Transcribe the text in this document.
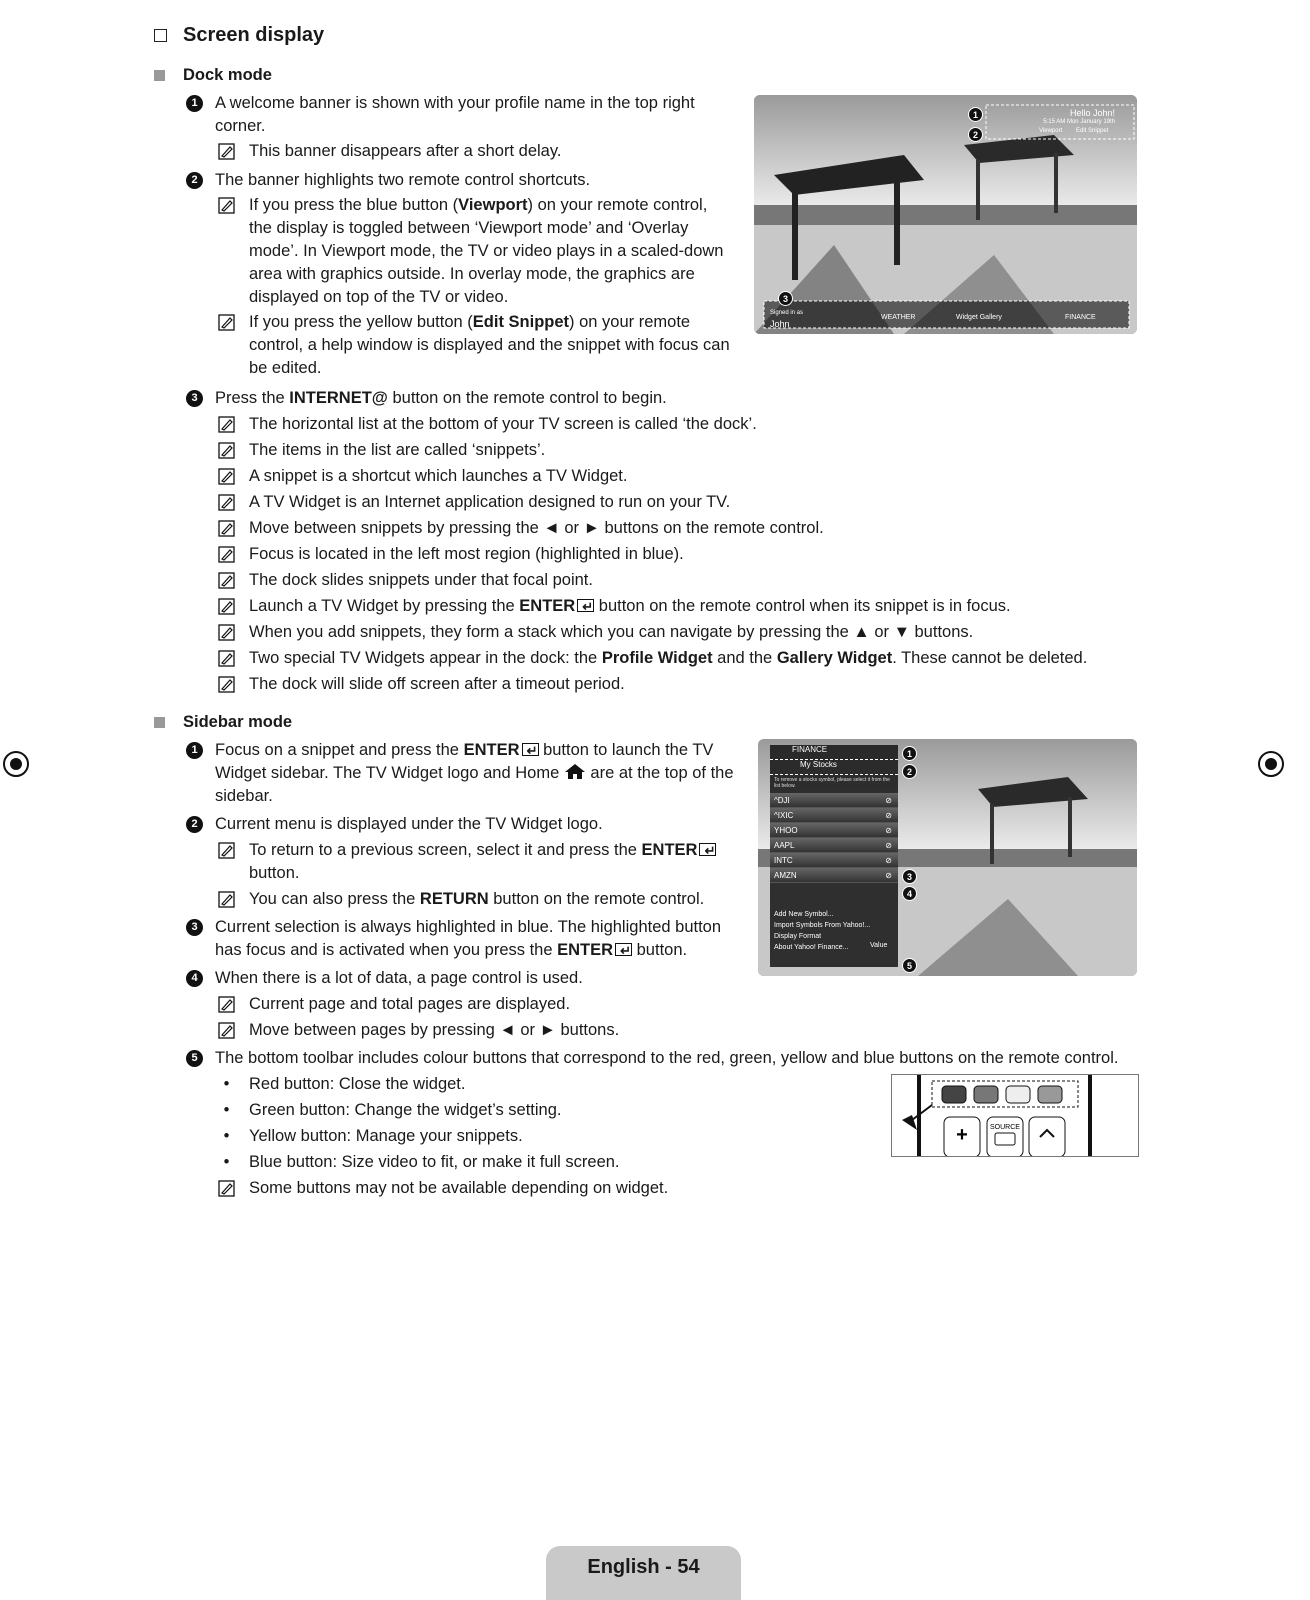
Screen display
Dock mode
1	A welcome banner is shown with your profile name in the top right corner.
This banner disappears after a short delay.
2	The banner highlights two remote control shortcuts.
If you press the blue button (Viewport) on your remote control, the display is toggled between ‘Viewport mode’ and ‘Overlay mode’. In Viewport mode, the TV or video plays in a scaled-down area with graphics outside. In overlay mode, the graphics are displayed on top of the TV or video.
If you press the yellow button (Edit Snippet) on your remote control, a help window is displayed and the snippet with focus can be edited.
3	Press the INTERNET@ button on the remote control to begin.
The horizontal list at the bottom of your TV screen is called ‘the dock’.
The items in the list are called ‘snippets’.
A snippet is a shortcut which launches a TV Widget.
A TV Widget is an Internet application designed to run on your TV.
Move between snippets by pressing the ◄ or ► buttons on the remote control.
Focus is located in the left most region (highlighted in blue).
The dock slides snippets under that focal point.
Launch a TV Widget by pressing the ENTER↵ button on the remote control when its snippet is in focus.
When you add snippets, they form a stack which you can navigate by pressing the ▲ or ▼ buttons.
Two special TV Widgets appear in the dock: the Profile Widget and the Gallery Widget. These cannot be deleted.
The dock will slide off screen after a timeout period.
Hello John!
5:15 AM Mon January 19th
Viewport Edit Snippet
1
2
3
Signed in as
John
WEATHER	Widget Gallery	FINANCE
Sidebar mode
1	Focus on a snippet and press the ENTER↵ button to launch the TV Widget sidebar. The TV Widget logo and Home  are at the top of the sidebar.
2	Current menu is displayed under the TV Widget logo.
To return to a previous screen, select it and press the ENTER↵ button.
You can also press the RETURN button on the remote control.
3	Current selection is always highlighted in blue. The highlighted button has focus and is activated when you press the ENTER↵ button.
4	When there is a lot of data, a page control is used.
Current page and total pages are displayed.
Move between pages by pressing ◄ or ► buttons.
5	The bottom toolbar includes colour buttons that correspond to the red, green, yellow and blue buttons on the remote control.
•	Red button: Close the widget.
•	Green button: Change the widget’s setting.
•	Yellow button: Manage your snippets.
•	Blue button: Size video to fit, or make it full screen.
Some buttons may not be available depending on widget.
FINANCE
My Stocks
To remove a stocks symbol, please select it from the list below.
^DJI	⊘
^IXIC	⊘
YHOO	⊘
AAPL	⊘
INTC	⊘
AMZN	⊘
Add New Symbol...
Import Symbols From Yahoo!...
Display Format
About Yahoo! Finance...	Value
1
2
3
4
5
+	SOURCE
English - 54
